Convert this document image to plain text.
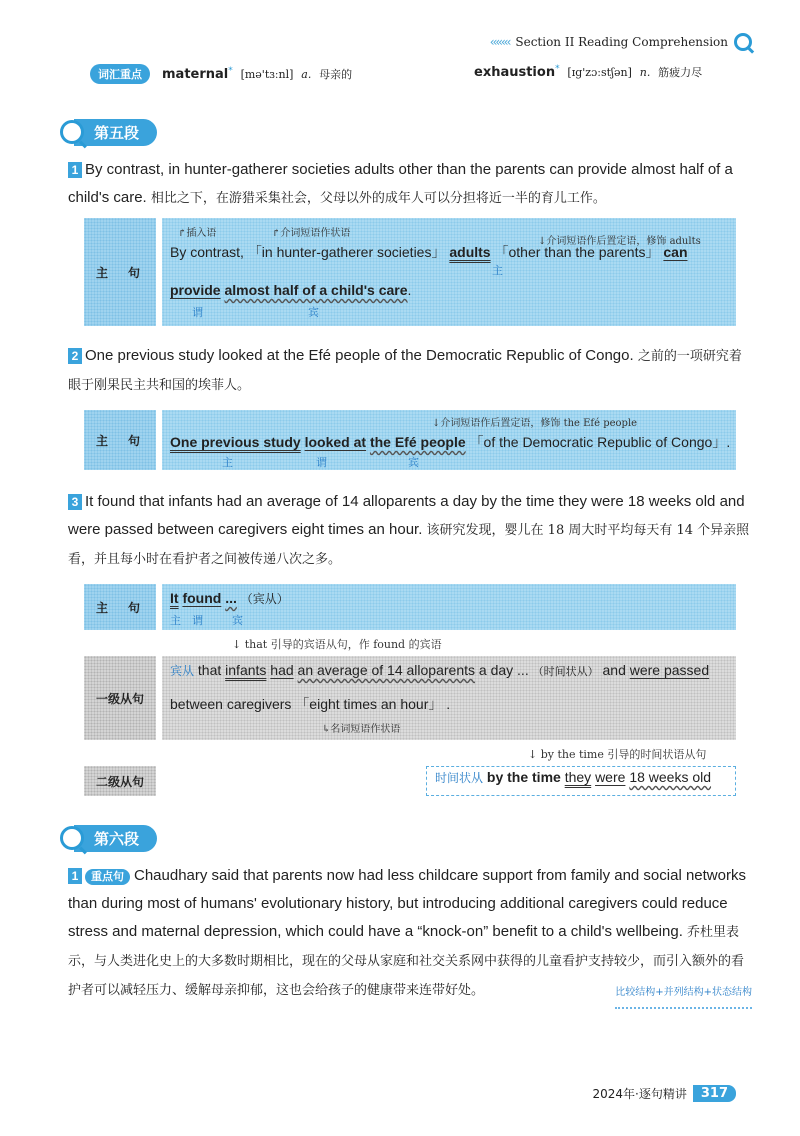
‹‹‹‹‹‹‹ Section II Reading Comprehension
词汇重点	maternal* [mə'tɜːnl] a. 母亲的	exhaustion* [ɪg'zɔːstʃən] n. 筋疲力尽
第五段
1 By contrast, in hunter-gatherer societies adults other than the parents can provide almost half of a child's care. 相比之下，在游猎采集社会，父母以外的成年人可以分担将近一半的育儿工作。
主　句
↱插入语	↱介词短语作状语
↓介词短语作后置定语，修饰 adults
By contrast, 「in hunter-gatherer societies」 adults 「other than the parents」 can
主
provide almost half of a child's care.
谓	宾
2 One previous study looked at the Efé people of the Democratic Republic of Congo. 之前的一项研究着眼于刚果民主共和国的埃菲人。
主　句
↓介词短语作后置定语，修饰 the Efé people
One previous study looked at the Efé people 「of the Democratic Republic of Congo」.
主	谓	宾
3 It found that infants had an average of 14 alloparents a day by the time they were 18 weeks old and were passed between caregivers eight times an hour. 该研究发现，婴儿在 18 周大时平均每天有 14 个异亲照看，并且每小时在看护者之间被传递八次之多。
主　句
It found ... （宾从）
主 谓	宾
↓ that 引导的宾语从句，作 found 的宾语
一级从句
宾从 that infants had an average of 14 alloparents a day ... （时间状从） and were passed
between caregivers 「eight times an hour」 .
↳名词短语作状语
↓ by the time 引导的时间状语从句
二级从句	时间状从 by the time they were 18 weeks old
第六段
1 重点句 Chaudhary said that parents now had less childcare support from family and social networks than during most of humans' evolutionary history, but introducing additional caregivers could reduce stress and maternal depression, which could have a “knock-on” benefit to a child's wellbeing. 乔杜里表示，与人类进化史上的大多数时期相比，现在的父母从家庭和社交关系网中获得的儿童看护支持较少，而引入额外的看护者可以减轻压力、缓解母亲抑郁，这也会给孩子的健康带来连带好处。	比较结构+并列结构+状态结构
2024年·逐句精讲	317
